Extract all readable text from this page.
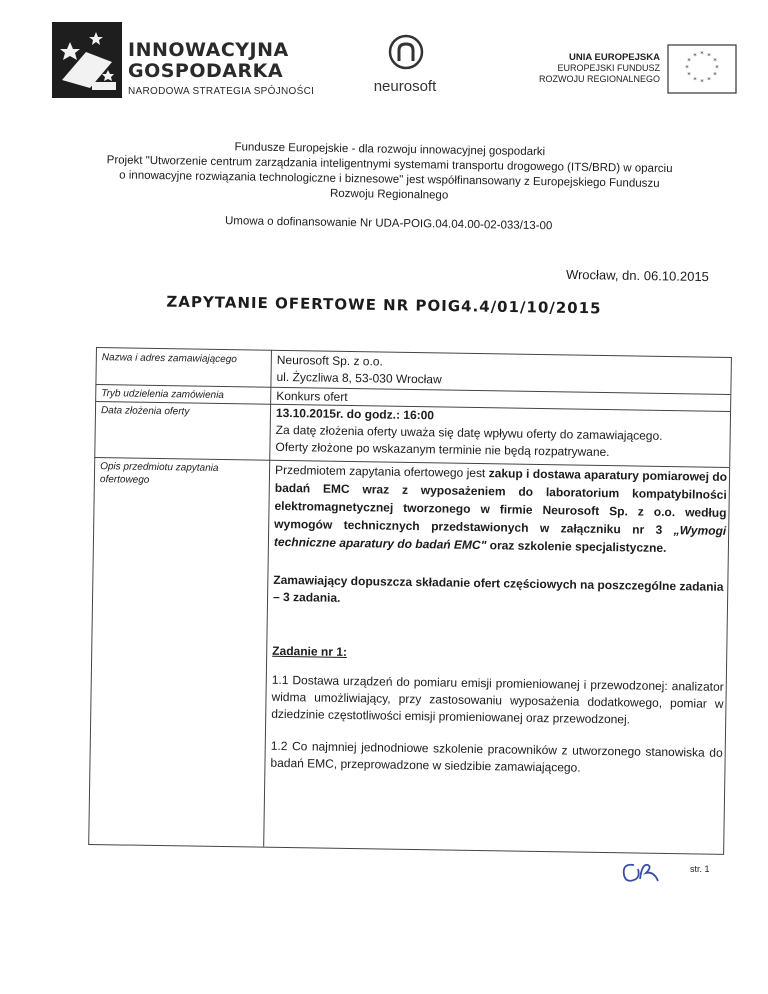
INNOWACYJNA
GOSPODARKA
NARODOWA STRATEGIA SPÓJNOŚCI	neurosoft
UNIA EUROPEJSKA
EUROPEJSKI FUNDUSZ
ROZWOJU REGIONALNEGO
* *
*
*
*
*
*
*
*
*
*
*

Fundusze Europejskie - dla rozwoju innowacyjnej gospodarki

Projekt "Utworzenie centrum zarządzania inteligentnymi systemami transportu drogowego (ITS/BRD) w oparciu

o innowacyjne rozwiązania technologiczne i biznesowe" jest współfinansowany z Europejskiego Funduszu

Rozwoju Regionalnego

Umowa o dofinansowanie Nr UDA-POIG.04.04.00-02-033/13-00

Wrocław, dn. 06.10.2015
ZAPYTANIE OFERTOWE NR POIG4.4/01/10/2015
Nazwa i adres zamawiającego	Neurosoft Sp. z o.o.
ul. Życzliwa 8, 53-030 Wrocław
Tryb udzielenia zamówienia	Konkurs ofert
Data złożenia oferty	13.10.2015r. do godz.: 16:00
Za datę złożenia oferty uważa się datę wpływu oferty do zamawiającego.
Oferty złożone po wskazanym terminie nie będą rozpatrywane.
Opis przedmiotu zapytania
ofertowego	Przedmiotem zapytania ofertowego jest zakup i dostawa aparatury pomiarowej do badań EMC wraz z wyposażeniem do laboratorium kompatybilności elektromagnetycznej tworzonego w firmie Neurosoft Sp. z o.o. według wymogów technicznych przedstawionych w załączniku nr 3 „Wymogi techniczne aparatury do badań EMC" oraz szkolenie specjalistyczne.

Zamawiający dopuszcza składanie ofert częściowych na poszczególne zadania – 3 zadania.

Zadanie nr 1:

1.1 Dostawa urządzeń do pomiaru emisji promieniowanej i przewodzonej: analizator widma umożliwiający, przy zastosowaniu wyposażenia dodatkowego, pomiar w dziedzinie częstotliwości emisji promieniowanej oraz przewodzonej.

1.2 Co najmniej jednodniowe szkolenie pracowników z utworzonego stanowiska do badań EMC, przeprowadzone w siedzibie zamawiającego.

str. 1
